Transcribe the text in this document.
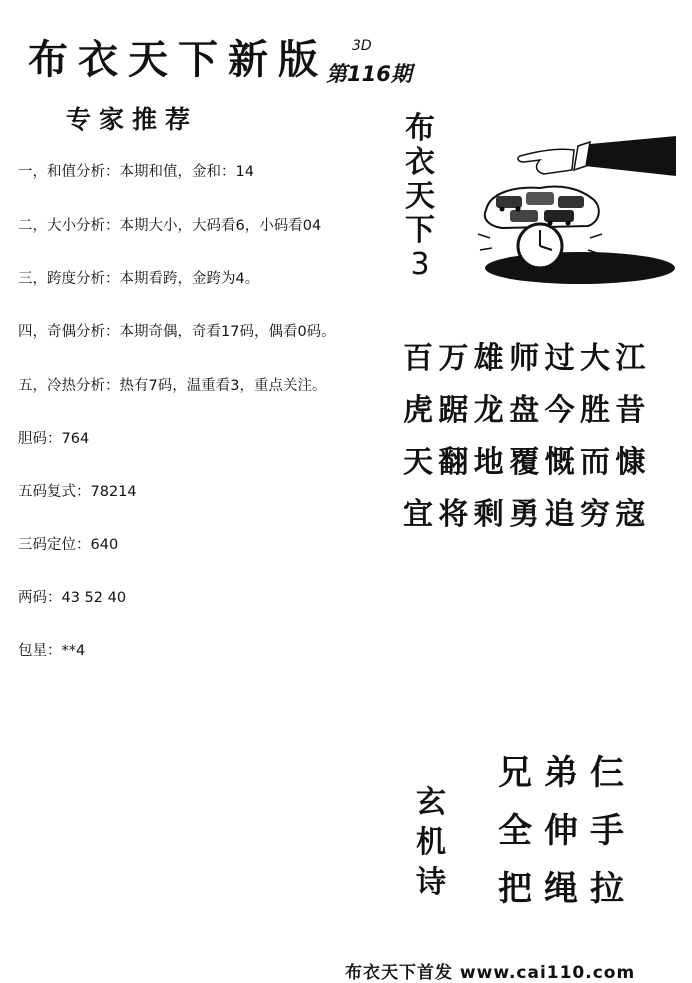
布衣天下新版 3D
第116期
专家推荐
一，和值分析：本期和值，金和：14
二，大小分析：本期大小，大码看6，小码看04
三，跨度分析：本期看跨，金跨为4。
四，奇偶分析：本期奇偶，奇看17码，偶看0码。
五，冷热分析：热有7码，温重看3，重点关注。
胆码：764
五码复式：78214
三码定位：640
两码：43 52 40
包星：**4
布
衣
天
下
3
百万雄师过大江
虎踞龙盘今胜昔
天翻地覆慨而慷
宜将剩勇追穷寇
玄
机
诗
兄弟仨
全伸手
把绳拉
布衣天下首发 www.cai110.com
